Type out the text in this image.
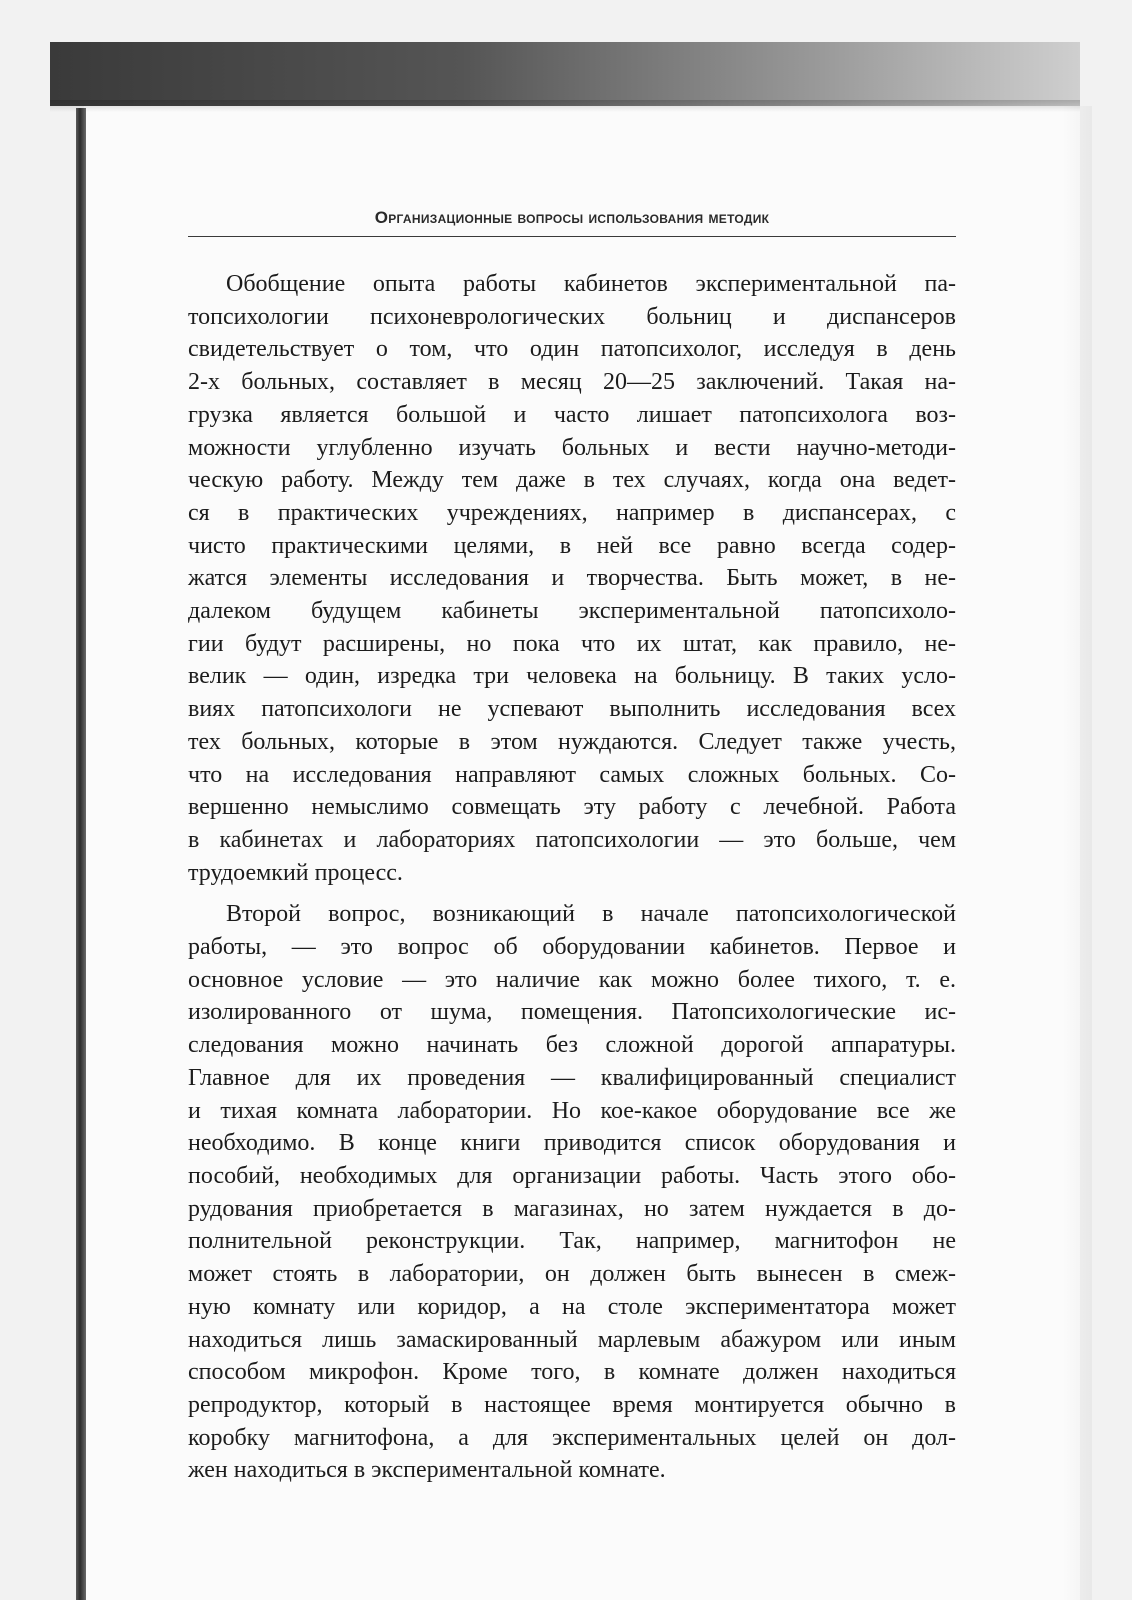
Организационные вопросы использования методик
Обобщение опыта работы кабинетов экспериментальной па-
топсихологии психоневрологических больниц и диспансеров
свидетельствует о том, что один патопсихолог, исследуя в день
2-х больных, составляет в месяц 20—25 заключений. Такая на-
грузка является большой и часто лишает патопсихолога воз-
можности углубленно изучать больных и вести научно-методи-
ческую работу. Между тем даже в тех случаях, когда она ведет-
ся в практических учреждениях, например в диспансерах, с
чисто практическими целями, в ней все равно всегда содер-
жатся элементы исследования и творчества. Быть может, в не-
далеком будущем кабинеты экспериментальной патопсихоло-
гии будут расширены, но пока что их штат, как правило, не-
велик — один, изредка три человека на больницу. В таких усло-
виях патопсихологи не успевают выполнить исследования всех
тех больных, которые в этом нуждаются. Следует также учесть,
что на исследования направляют самых сложных больных. Со-
вершенно немыслимо совмещать эту работу с лечебной. Работа
в кабинетах и лабораториях патопсихологии — это больше, чем
трудоемкий процесс.
Второй вопрос, возникающий в начале патопсихологической
работы, — это вопрос об оборудовании кабинетов. Первое и
основное условие — это наличие как можно более тихого, т. е.
изолированного от шума, помещения. Патопсихологические ис-
следования можно начинать без сложной дорогой аппаратуры.
Главное для их проведения — квалифицированный специалист
и тихая комната лаборатории. Но кое-какое оборудование все же
необходимо. В конце книги приводится список оборудования и
пособий, необходимых для организации работы. Часть этого обо-
рудования приобретается в магазинах, но затем нуждается в до-
полнительной реконструкции. Так, например, магнитофон не
может стоять в лаборатории, он должен быть вынесен в смеж-
ную комнату или коридор, а на столе экспериментатора может
находиться лишь замаскированный марлевым абажуром или иным
способом микрофон. Кроме того, в комнате должен находиться
репродуктор, который в настоящее время монтируется обычно в
коробку магнитофона, а для экспериментальных целей он дол-
жен находиться в экспериментальной комнате.
